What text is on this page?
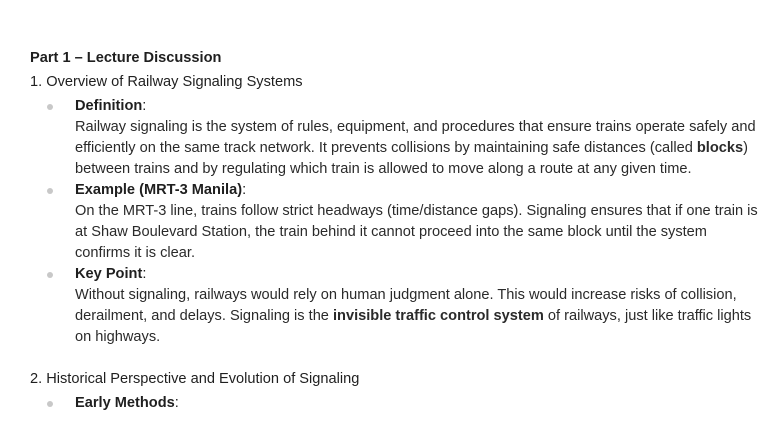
Part 1 – Lecture Discussion
1. Overview of Railway Signaling Systems
Definition:
Railway signaling is the system of rules, equipment, and procedures that ensure trains operate safely and efficiently on the same track network. It prevents collisions by maintaining safe distances (called blocks) between trains and by regulating which train is allowed to move along a route at any given time.
Example (MRT-3 Manila):
On the MRT-3 line, trains follow strict headways (time/distance gaps). Signaling ensures that if one train is at Shaw Boulevard Station, the train behind it cannot proceed into the same block until the system confirms it is clear.
Key Point:
Without signaling, railways would rely on human judgment alone. This would increase risks of collision, derailment, and delays. Signaling is the invisible traffic control system of railways, just like traffic lights on highways.
2. Historical Perspective and Evolution of Signaling
Early Methods:
